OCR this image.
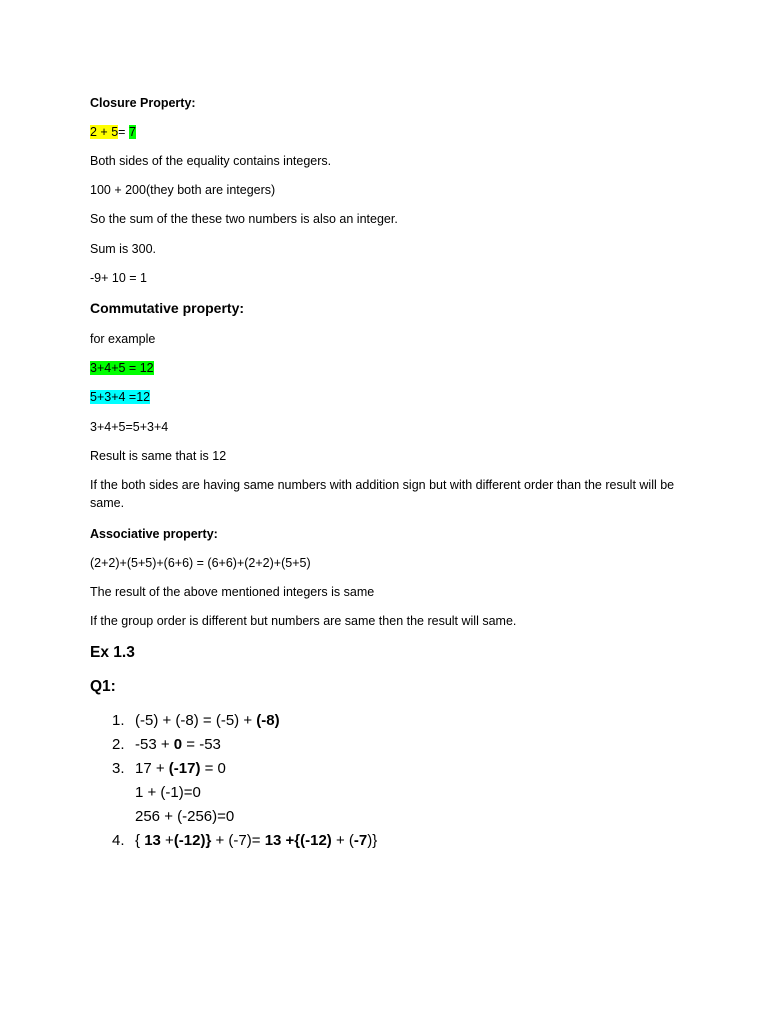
Closure Property:
2 + 5= 7
Both sides of the equality contains integers.
100 + 200(they both are integers)
So the sum of the these two numbers is also an integer.
Sum is 300.
-9+ 10 = 1
Commutative property:
for example
3+4+5 = 12
5+3+4 =12
3+4+5=5+3+4
Result is same that is 12
If the both sides are having same numbers with addition sign but with different order than the result will be same.
Associative property:
(2+2)+(5+5)+(6+6) = (6+6)+(2+2)+(5+5)
The result of the above mentioned integers is same
If the group order is different but numbers are same then the result will same.
Ex 1.3
Q1:
1. (-5) + (-8) = (-5) + (-8)
2. -53 + 0 = -53
3. 17 + (-17) = 0
1 + (-1)=0
256 + (-256)=0
4. { 13 +(-12)} + (-7)= 13 +{(-12) + (-7)}
